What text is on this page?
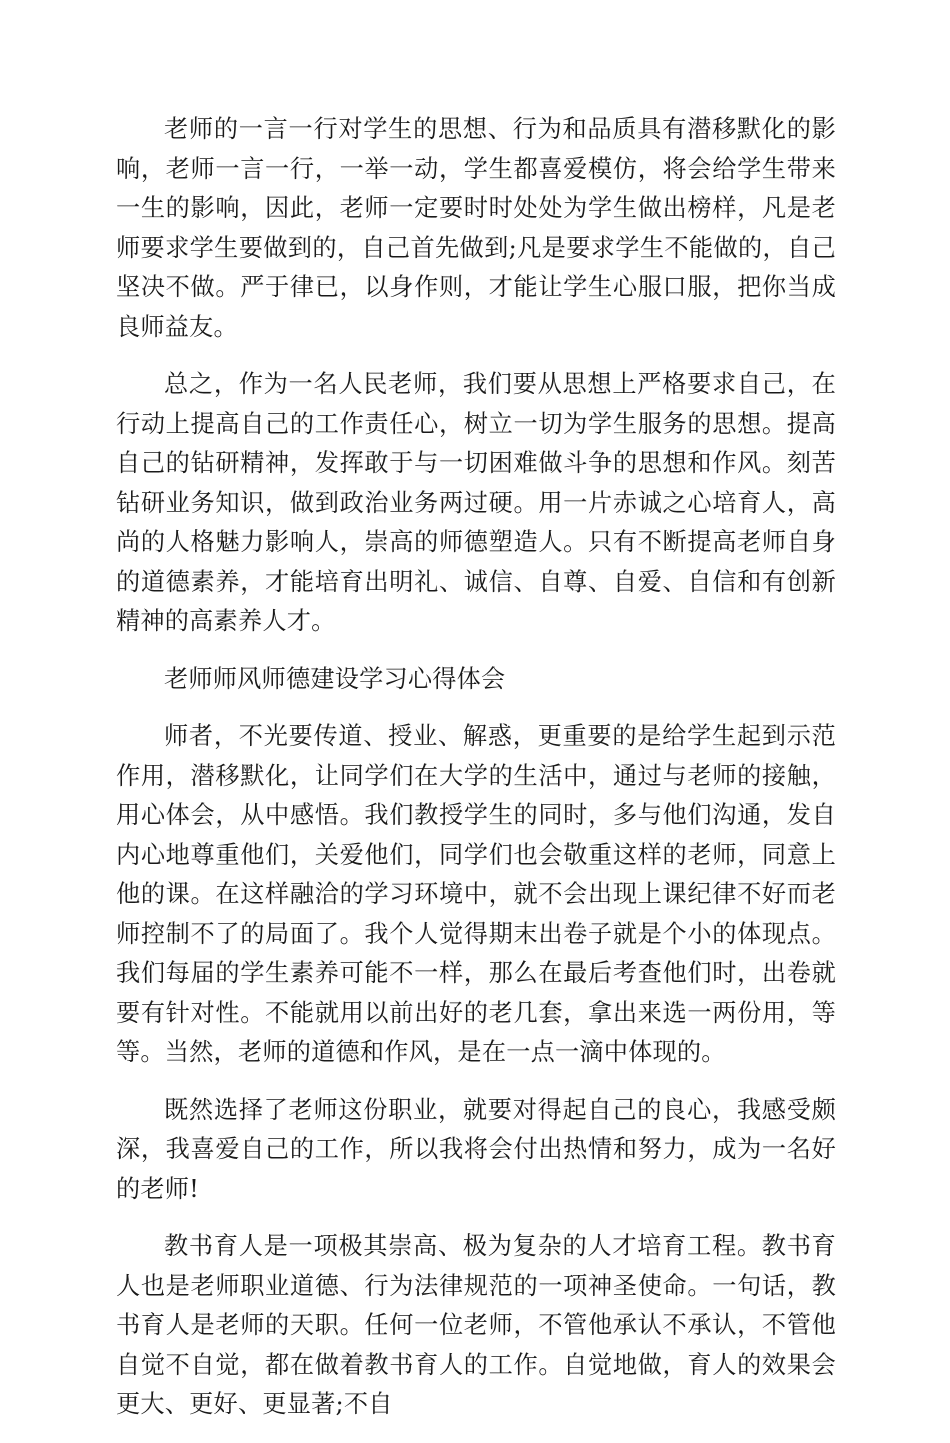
老师的一言一行对学生的思想、行为和品质具有潜移默化的影响，老师一言一行，一举一动，学生都喜爱模仿，将会给学生带来一生的影响，因此，老师一定要时时处处为学生做出榜样，凡是老师要求学生要做到的，自己首先做到;凡是要求学生不能做的，自己坚决不做。严于律已，以身作则，才能让学生心服口服，把你当成良师益友。

总之，作为一名人民老师，我们要从思想上严格要求自己，在行动上提高自己的工作责任心，树立一切为学生服务的思想。提高自己的钻研精神，发挥敢于与一切困难做斗争的思想和作风。刻苦钻研业务知识，做到政治业务两过硬。用一片赤诚之心培育人，高尚的人格魅力影响人，崇高的师德塑造人。只有不断提高老师自身的道德素养，才能培育出明礼、诚信、自尊、自爱、自信和有创新精神的高素养人才。

老师师风师德建设学习心得体会

师者，不光要传道、授业、解惑，更重要的是给学生起到示范作用，潜移默化，让同学们在大学的生活中，通过与老师的接触，用心体会，从中感悟。我们教授学生的同时，多与他们沟通，发自内心地尊重他们，关爱他们，同学们也会敬重这样的老师，同意上他的课。在这样融洽的学习环境中，就不会出现上课纪律不好而老师控制不了的局面了。我个人觉得期末出卷子就是个小的体现点。我们每届的学生素养可能不一样，那么在最后考查他们时，出卷就要有针对性。不能就用以前出好的老几套，拿出来选一两份用，等等。当然，老师的道德和作风，是在一点一滴中体现的。

既然选择了老师这份职业，就要对得起自己的良心，我感受颇深，我喜爱自己的工作，所以我将会付出热情和努力，成为一名好的老师!

教书育人是一项极其崇高、极为复杂的人才培育工程。教书育人也是老师职业道德、行为法律规范的一项神圣使命。一句话，教书育人是老师的天职。任何一位老师，不管他承认不承认，不管他自觉不自觉，都在做着教书育人的工作。自觉地做，育人的效果会更大、更好、更显著;不自
